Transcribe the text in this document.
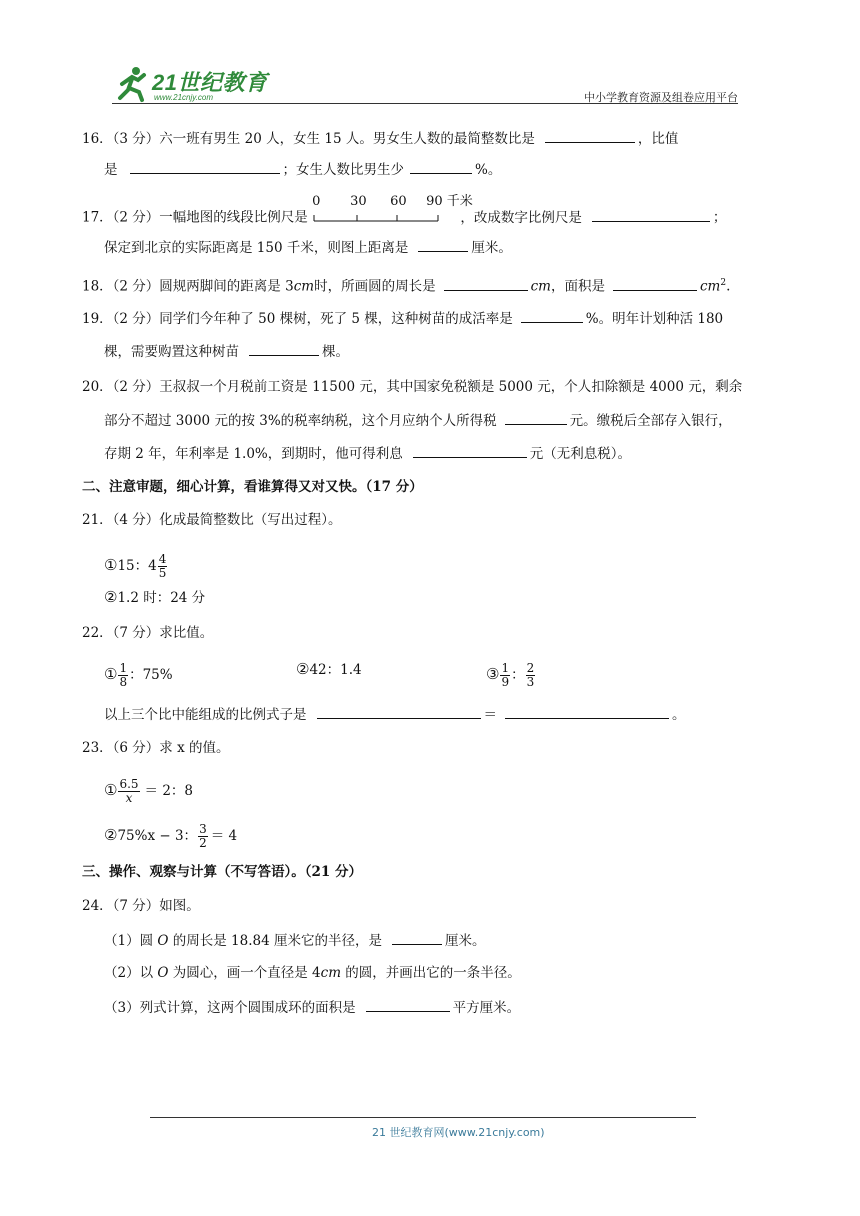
21世纪教育
www.21cnjy.com	中小学教育资源及组卷应用平台
16．（3 分）六一班有男生 20 人，女生 15 人。男女生人数的最简整数比是	，比值
是	；女生人数比男生少	%。
17．（2 分）一幅地图的线段比例尺是
0 30 60 90 千米
，改成数字比例尺是	；
保定到北京的实际距离是 150 千米，则图上距离是	厘米。
18．（2 分）圆规两脚间的距离是 3cm时，所画圆的周长是	cm，面积是	$cm^2$.
19．（2 分）同学们今年种了 50 棵树，死了 5 棵，这种树苗的成活率是	%。明年计划种活 180
棵，需要购置这种树苗	棵。
20．（2 分）王叔叔一个月税前工资是 11500 元，其中国家免税额是 5000 元，个人扣除额是 4000 元，剩余
部分不超过 3000 元的按 3%的税率纳税，这个月应纳个人所得税	元。缴税后全部存入银行，
存期 2 年，年利率是 1.0%，到期时，他可得利息	元（无利息税）。
二、注意审题，细心计算，看谁算得又对又快。（17 分）
21．（4 分）化成最简整数比（写出过程）。
①15：$4 \frac{4}{5}$
②1.2 时：24 分
22．（7 分）求比值。
① $\frac{1}{8}$ ：75%	②42：1.4	③ $\frac{1}{9}$ ： $\frac{2}{3}$
以上三个比中能组成的比例式子是	＝	。
23．（6 分）求 x 的值。
① $\frac{6.5}{x} = 2$：8
②75%x − 3： $\frac{3}{2} = 4$
三、操作、观察与计算（不写答语）。（21 分）
24．（7 分）如图。
（1）圆 O 的周长是 18.84 厘米它的半径，是	厘米。
（2）以 O 为圆心，画一个直径是 4cm 的圆，并画出它的一条半径。
（3）列式计算，这两个圆围成环的面积是	平方厘米。
21 世纪教育网(www.21cnjy.com)
